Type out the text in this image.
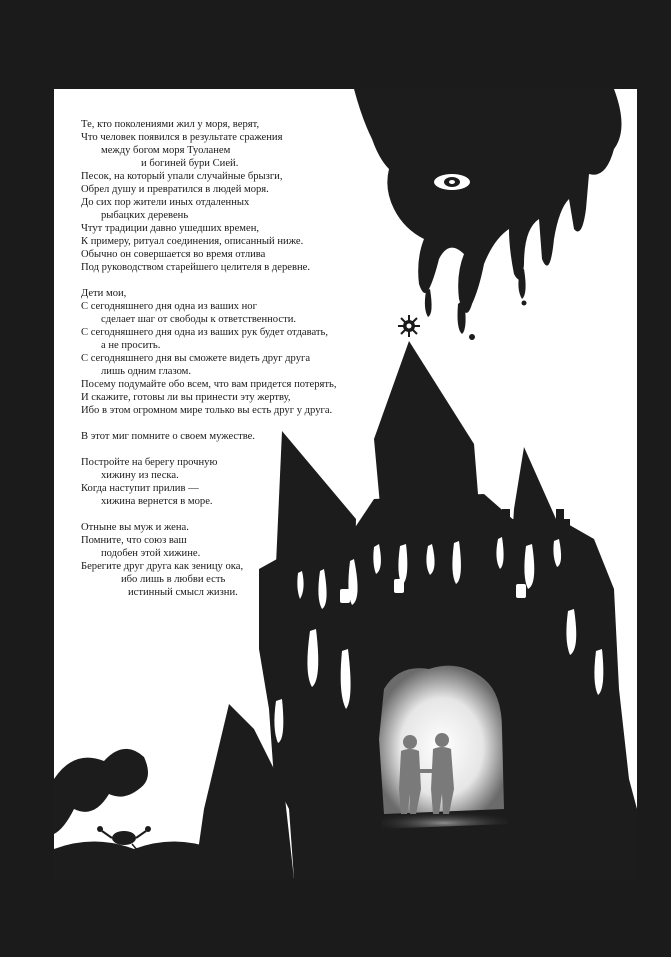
Те, кто поколениями жил у моря, верят,
Что человек появился в результате сражения
между богом моря Туоланем
и богиней бури Сией.
Песок, на который упали случайные брызги,
Обрел душу и превратился в людей моря.
До сих пор жители иных отдаленных
рыбацких деревень
Чтут традиции давно ушедших времен,
К примеру, ритуал соединения, описанный ниже.
Обычно он совершается во время отлива
Под руководством старейшего целителя в деревне.
Дети мои,
С сегодняшнего дня одна из ваших ног
сделает шаг от свободы к ответственности.
С сегодняшнего дня одна из ваших рук будет отдавать,
а не просить.
С сегодняшнего дня вы сможете видеть друг друга
лишь одним глазом.
Посему подумайте обо всем, что вам придется потерять,
И скажите, готовы ли вы принести эту жертву,
Ибо в этом огромном мире только вы есть друг у друга.
В этот миг помните о своем мужестве.
Постройте на берегу прочную
хижину из песка.
Когда наступит прилив —
хижина вернется в море.
Отныне вы муж и жена.
Помните, что союз ваш
подобен этой хижине.
Берегите друг друга как зеницу ока,
ибо лишь в любви есть
истинный смысл жизни.
